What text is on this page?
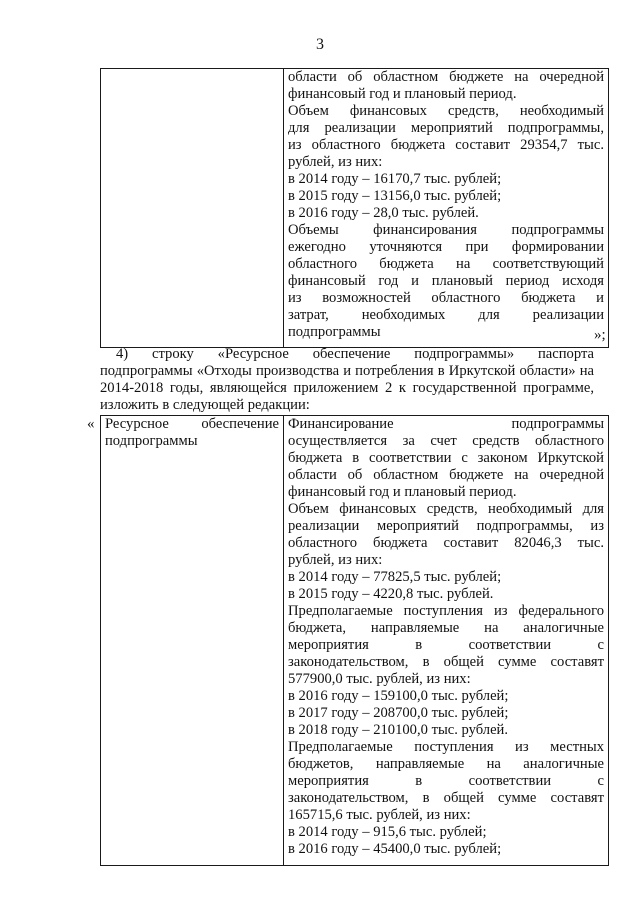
3

области об областном бюджете на очередной
финансовый год и плановый период.
Объем финансовых средств, необходимый
для реализации мероприятий подпрограммы,
из областного бюджета составит 29354,7 тыс.
рублей, из них:
в 2014 году – 16170,7 тыс. рублей;
в 2015 году – 13156,0 тыс. рублей;
в 2016 году – 28,0 тыс. рублей.
Объемы финансирования подпрограммы
ежегодно уточняются при формировании
областного бюджета на соответствующий
финансовый год и плановый период исходя
из возможностей областного бюджета и
затрат, необходимых для реализации
подпрограммы	»;
4) строку «Ресурсное обеспечение подпрограммы» паспорта
подпрограммы «Отходы производства и потребления в Иркутской области» на
2014-2018 годы, являющейся приложением 2 к государственной программе,
изложить в следующей редакции:
« Ресурсное обеспечение
подпрограммы

Финансирование подпрограммы
осуществляется за счет средств областного
бюджета в соответствии с законом Иркутской
области об областном бюджете на очередной
финансовый год и плановый период.
Объем финансовых средств, необходимый для
реализации мероприятий подпрограммы, из
областного бюджета составит 82046,3 тыс.
рублей, из них:
в 2014 году – 77825,5 тыс. рублей;
в 2015 году – 4220,8 тыс. рублей.
Предполагаемые поступления из федерального
бюджета, направляемые на аналогичные
мероприятия в соответствии с
законодательством, в общей сумме составят
577900,0 тыс. рублей, из них:
в 2016 году – 159100,0 тыс. рублей;
в 2017 году – 208700,0 тыс. рублей;
в 2018 году – 210100,0 тыс. рублей.
Предполагаемые поступления из местных
бюджетов, направляемые на аналогичные
мероприятия в соответствии с
законодательством, в общей сумме составят
165715,6 тыс. рублей, из них:
в 2014 году – 915,6 тыс. рублей;
в 2016 году – 45400,0 тыс. рублей;
